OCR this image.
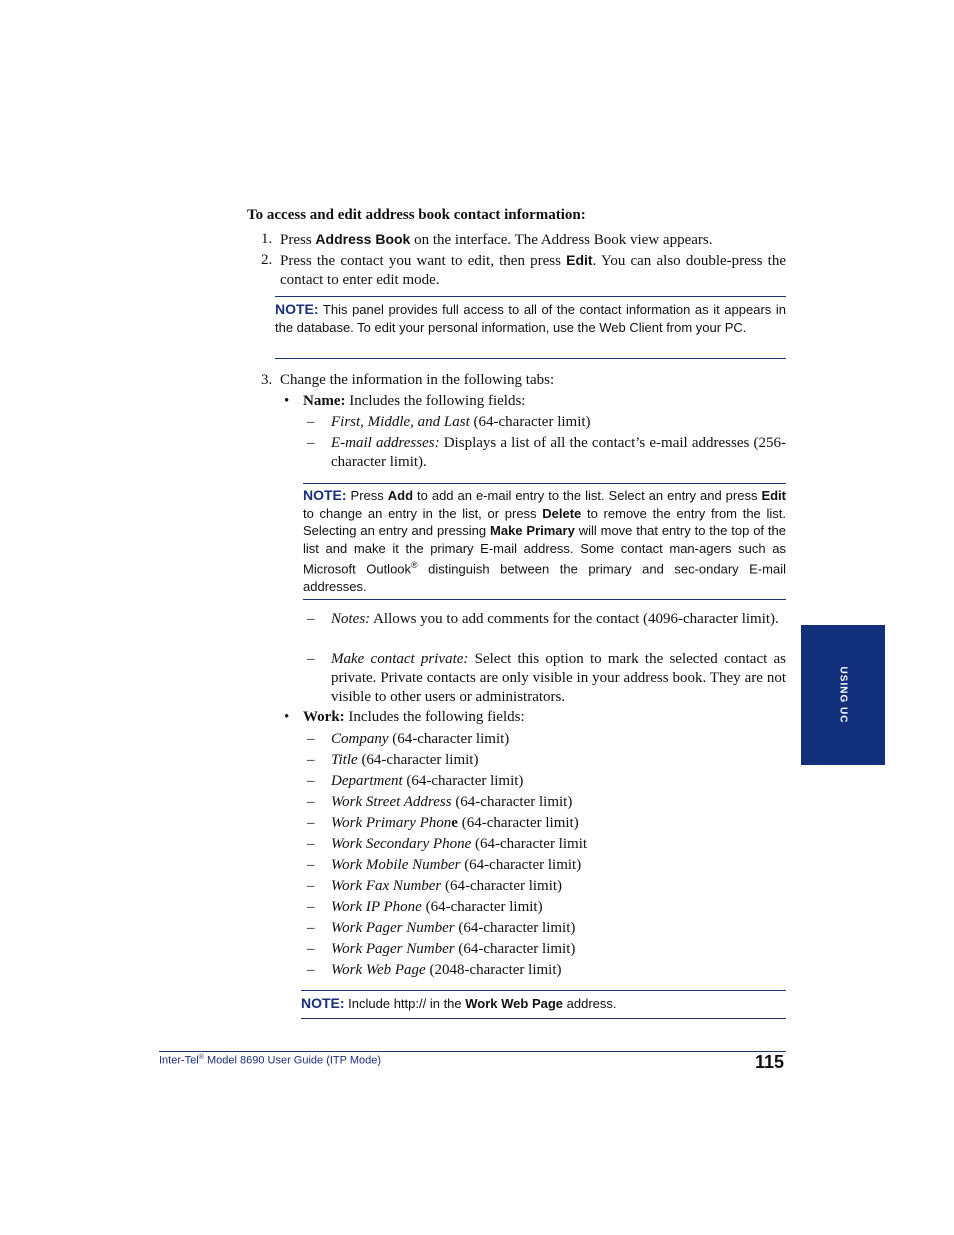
To access and edit address book contact information:
1. Press Address Book on the interface. The Address Book view appears.
2. Press the contact you want to edit, then press Edit. You can also double-press the contact to enter edit mode.
NOTE: This panel provides full access to all of the contact information as it appears in the database. To edit your personal information, use the Web Client from your PC.
3. Change the information in the following tabs:
• Name: Includes the following fields:
– First, Middle, and Last (64-character limit)
– E-mail addresses: Displays a list of all the contact’s e-mail addresses (256-character limit).
NOTE: Press Add to add an e-mail entry to the list. Select an entry and press Edit to change an entry in the list, or press Delete to remove the entry from the list. Selecting an entry and pressing Make Primary will move that entry to the top of the list and make it the primary E-mail address. Some contact man-agers such as Microsoft Outlook® distinguish between the primary and sec-ondary E-mail addresses.
– Notes: Allows you to add comments for the contact (4096-character limit).
– Make contact private: Select this option to mark the selected contact as private. Private contacts are only visible in your address book. They are not visible to other users or administrators.
• Work: Includes the following fields:
– Company (64-character limit)
– Title (64-character limit)
– Department (64-character limit)
– Work Street Address (64-character limit)
– Work Primary Phone (64-character limit)
– Work Secondary Phone (64-character limit
– Work Mobile Number (64-character limit)
– Work Fax Number (64-character limit)
– Work IP Phone (64-character limit)
– Work Pager Number (64-character limit)
– Work Pager Number (64-character limit)
– Work Web Page (2048-character limit)
NOTE: Include http:// in the Work Web Page address.
USING UC
Inter-Tel® Model 8690 User Guide (ITP Mode)	115
